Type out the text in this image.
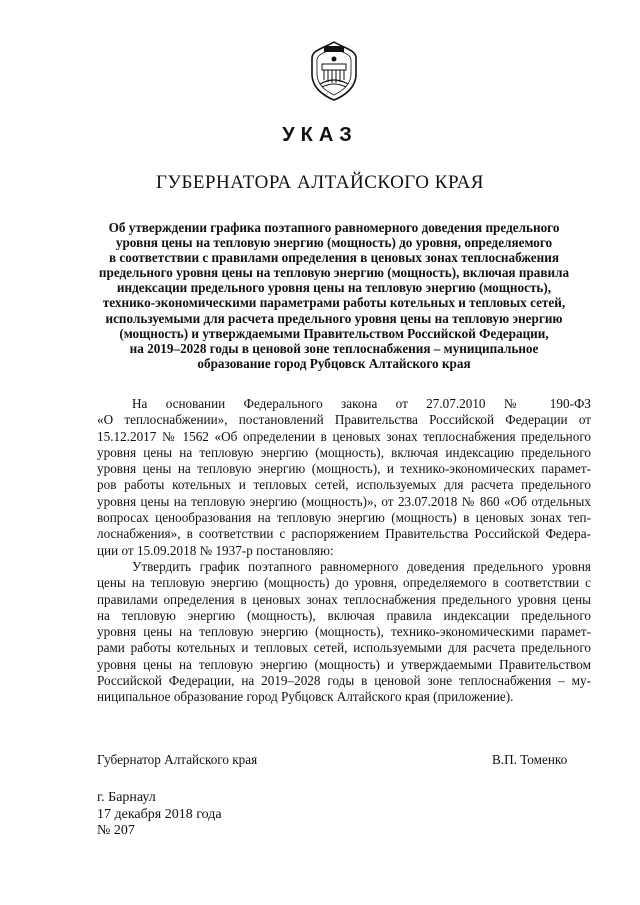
УКАЗ
ГУБЕРНАТОРА АЛТАЙСКОГО КРАЯ
Об утверждении графика поэтапного равномерного доведения предельного
уровня цены на тепловую энергию (мощность) до уровня, определяемого
в соответствии с правилами определения в ценовых зонах теплоснабжения
предельного уровня цены на тепловую энергию (мощность), включая правила
индексации предельного уровня цены на тепловую энергию (мощность),
технико-экономическими параметрами работы котельных и тепловых сетей,
используемыми для расчета предельного уровня цены на тепловую энергию
(мощность) и утверждаемыми Правительством Российской Федерации,
на 2019–2028 годы в ценовой зоне теплоснабжения – муниципальное
образование город Рубцовск Алтайского края
На основании Федерального закона от 27.07.2010 № 190-ФЗ
«О теплоснабжении», постановлений Правительства Российской Федерации от
15.12.2017 № 1562 «Об определении в ценовых зонах теплоснабжения предельного
уровня цены на тепловую энергию (мощность), включая индексацию предельного
уровня цены на тепловую энергию (мощность), и технико-экономических парамет-
ров работы котельных и тепловых сетей, используемых для расчета предельного
уровня цены на тепловую энергию (мощность)», от 23.07.2018 № 860 «Об отдельных
вопросах ценообразования на тепловую энергию (мощность) в ценовых зонах теп-
лоснабжения», в соответствии с распоряжением Правительства Российской Федера-
ции от 15.09.2018 № 1937-р постановляю:
Утвердить график поэтапного равномерного доведения предельного уровня
цены на тепловую энергию (мощность) до уровня, определяемого в соответствии с
правилами определения в ценовых зонах теплоснабжения предельного уровня цены
на тепловую энергию (мощность), включая правила индексации предельного
уровня цены на тепловую энергию (мощность), технико-экономическими парамет-
рами работы котельных и тепловых сетей, используемыми для расчета предельного
уровня цены на тепловую энергию (мощность) и утверждаемыми Правительством
Российской Федерации, на 2019–2028 годы в ценовой зоне теплоснабжения – му-
ниципальное образование город Рубцовск Алтайского края (приложение).
Губернатор Алтайского края	В.П. Томенко
г. Барнаул
17 декабря 2018 года
№ 207
